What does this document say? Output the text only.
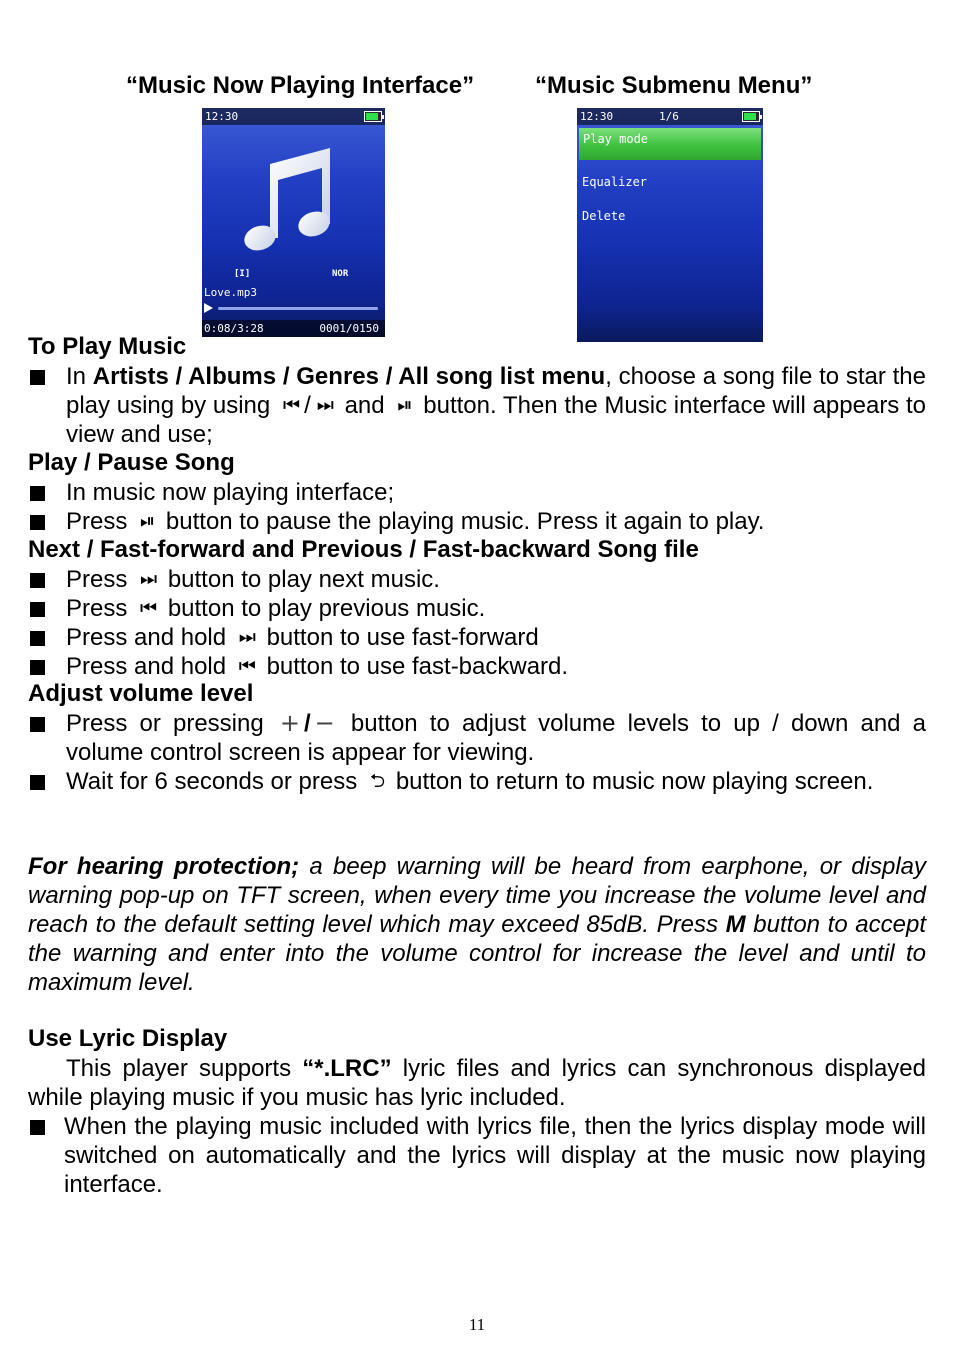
“Music Now Playing Interface”	“Music Submenu Menu”
12:30
[I]	NOR
Love.mp3
0:08/3:28	0001/0150
12:30	1/6
Play mode
Equalizer
Delete
To Play Music
In Artists / Albums / Genres / All song list menu, choose a song file to star the play using by using ⏮ / ⏭ and ⏯ button. Then the Music interface will appears to view and use;
Play / Pause Song
In music now playing interface;
Press ⏯ button to pause the playing music. Press it again to play.
Next / Fast-forward and Previous / Fast-backward Song file
Press ⏭ button to play next music.
Press ⏮ button to play previous music.
Press and hold ⏭ button to use fast-forward
Press and hold ⏮ button to use fast-backward.
Adjust volume level
Press or pressing + / − button to adjust volume levels to up / down and a volume control screen is appear for viewing.
Wait for 6 seconds or press ⮌ button to return to music now playing screen.
For hearing protection; a beep warning will be heard from earphone, or display warning pop-up on TFT screen, when every time you increase the volume level and reach to the default setting level which may exceed 85dB. Press M button to accept the warning and enter into the volume control for increase the level and until to maximum level.
Use Lyric Display
This player supports “*.LRC” lyric files and lyrics can synchronous displayed while playing music if you music has lyric included.
When the playing music included with lyrics file, then the lyrics display mode will switched on automatically and the lyrics will display at the music now playing interface.
11
